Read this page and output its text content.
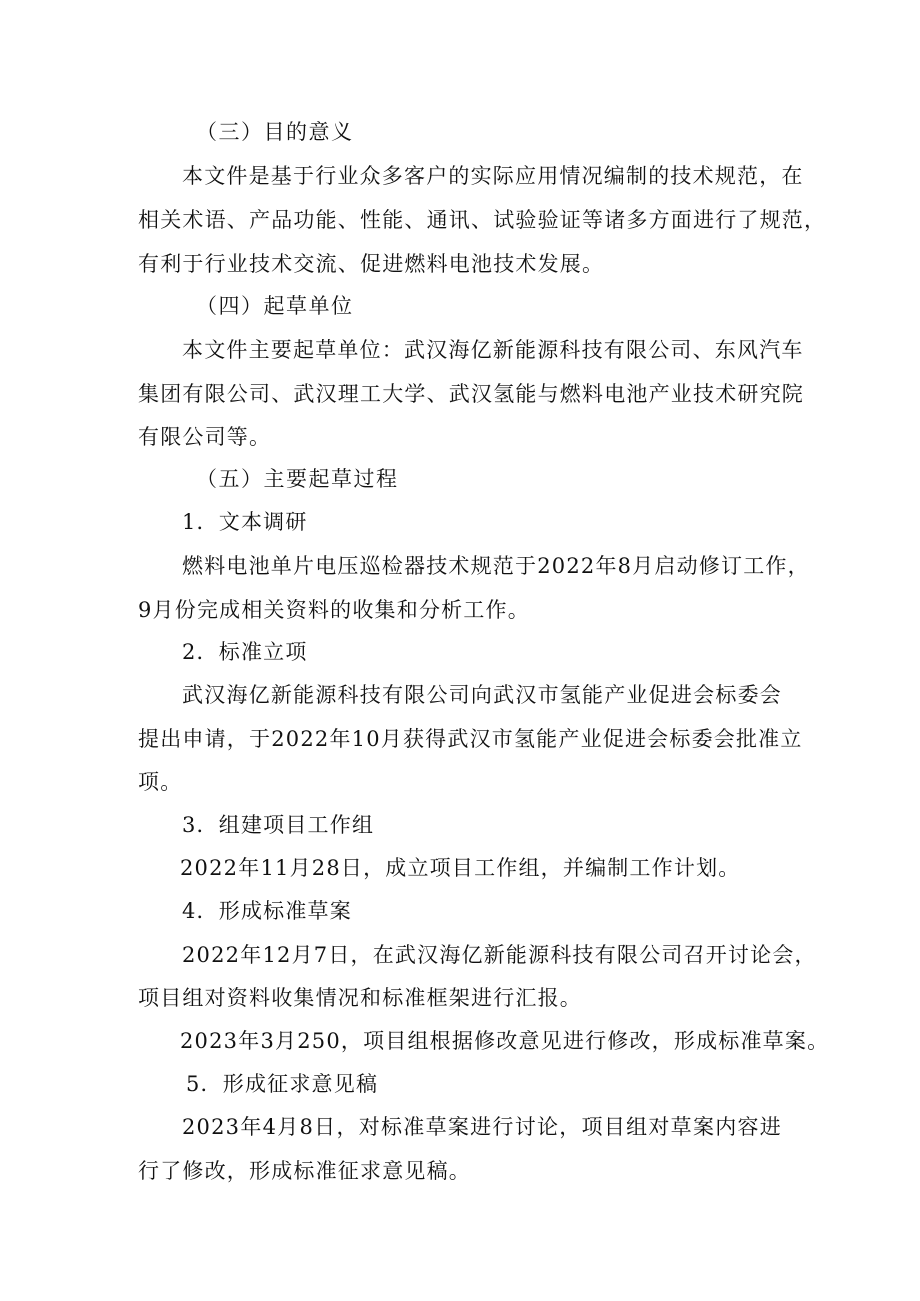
（三）目的意义
本文件是基于行业众多客户的实际应用情况编制的技术规范，在
相关术语、产品功能、性能、通讯、试验验证等诸多方面进行了规范，
有利于行业技术交流、促进燃料电池技术发展。
（四）起草单位
本文件主要起草单位：武汉海亿新能源科技有限公司、东风汽车
集团有限公司、武汉理工大学、武汉氢能与燃料电池产业技术研究院
有限公司等。
（五）主要起草过程
1．文本调研
燃料电池单片电压巡检器技术规范于2022年8月启动修订工作，
9月份完成相关资料的收集和分析工作。
2．标准立项
武汉海亿新能源科技有限公司向武汉市氢能产业促进会标委会
提出申请，于2022年10月获得武汉市氢能产业促进会标委会批准立
项。
3．组建项目工作组
2022年11月28日，成立项目工作组，并编制工作计划。
4．形成标准草案
2022年12月7日，在武汉海亿新能源科技有限公司召开讨论会，
项目组对资料收集情况和标准框架进行汇报。
2023年3月250，项目组根据修改意见进行修改，形成标准草案。
5．形成征求意见稿
2023年4月8日，对标准草案进行讨论，项目组对草案内容进
行了修改，形成标准征求意见稿。
